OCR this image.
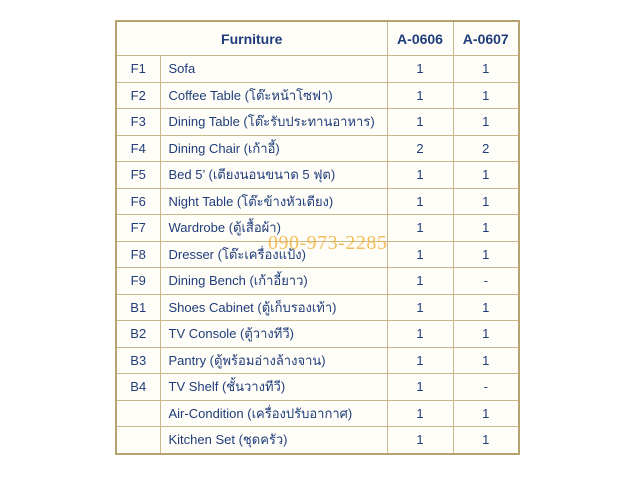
Furniture		A-0606	A-0607
F1	Sofa	1	1
F2	Coffee Table (โต๊ะหน้าโซฟา)	1	1
F3	Dining Table (โต๊ะรับประทานอาหาร)	1	1
F4	Dining Chair (เก้าอี้)	2	2
F5	Bed 5’ (เตียงนอนขนาด 5 ฟุต)	1	1
F6	Night Table (โต๊ะข้างหัวเตียง)	1	1
F7	Wardrobe (ตู้เสื้อผ้า)	1	1
F8	Dresser (โต๊ะเครื่องแป้ง)	1	1
F9	Dining Bench (เก้าอี้ยาว)	1	-
B1	Shoes Cabinet (ตู้เก็บรองเท้า)	1	1
B2	TV Console (ตู้วางทีวี)	1	1
B3	Pantry (ตู้พร้อมอ่างล้างจาน)	1	1
B4	TV Shelf (ชั้นวางทีวี)	1	-
	Air-Condition (เครื่องปรับอากาศ)	1	1
	Kitchen Set (ชุดครัว)	1	1
090-973-2285
